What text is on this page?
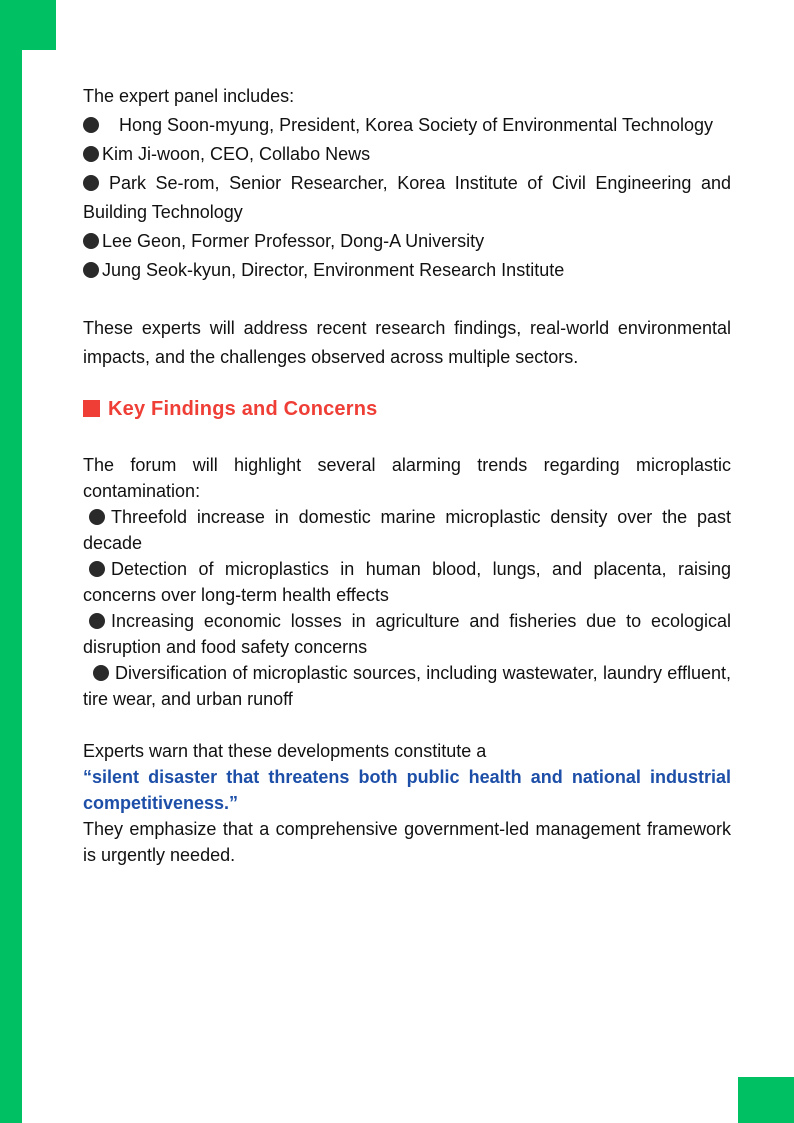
The expert panel includes:

Hong Soon-myung, President, Korea Society of Environmental Technology

Kim Ji-woon, CEO, Collabo News

Park Se-rom, Senior Researcher, Korea Institute of Civil Engineering and Building Technology

Lee Geon, Former Professor, Dong-A University

Jung Seok-kyun, Director, Environment Research Institute

These experts will address recent research findings, real-world environmental impacts, and the challenges observed across multiple sectors.

Key Findings and Concerns

The forum will highlight several alarming trends regarding microplastic contamination:

Threefold increase in domestic marine microplastic density over the past decade

Detection of microplastics in human blood, lungs, and placenta, raising concerns over long-term health effects

Increasing economic losses in agriculture and fisheries due to ecological disruption and food safety concerns

Diversification of microplastic sources, including wastewater, laundry effluent, tire wear, and urban runoff

Experts warn that these developments constitute a

“silent disaster that threatens both public health and national industrial competitiveness.”

They emphasize that a comprehensive government-led management framework is urgently needed.
